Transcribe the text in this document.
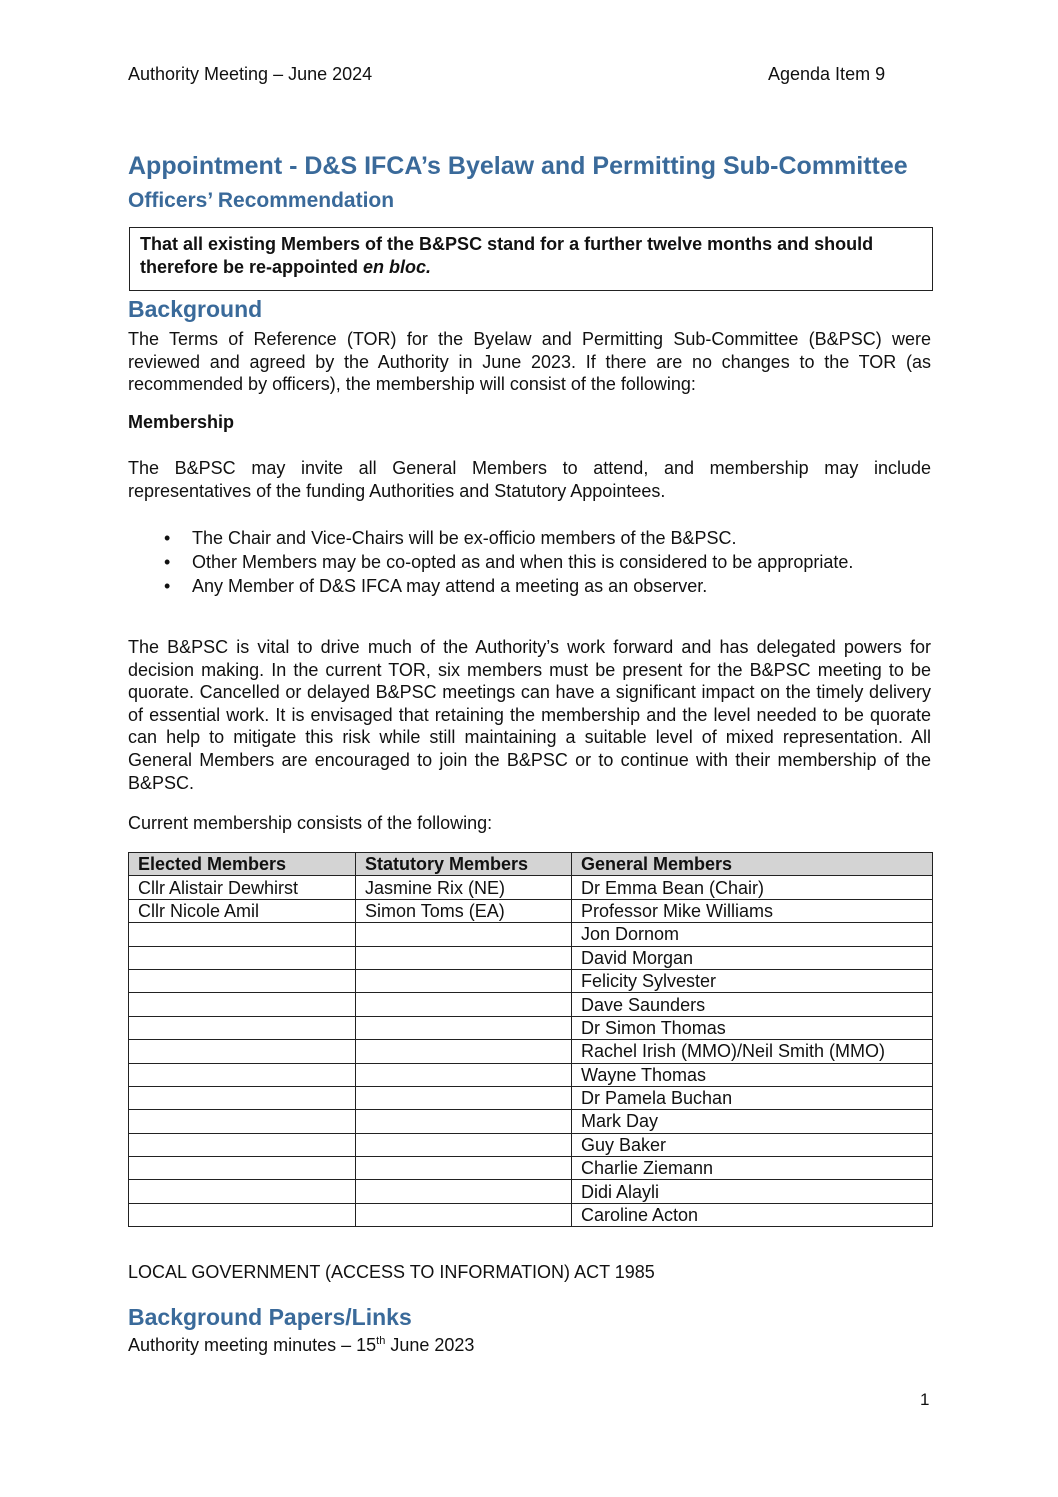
Authority Meeting – June 2024	Agenda Item 9
Appointment - D&S IFCA’s Byelaw and Permitting Sub-Committee
Officers’ Recommendation
That all existing Members of the B&PSC stand for a further twelve months and should therefore be re-appointed en bloc.
Background
The Terms of Reference (TOR) for the Byelaw and Permitting Sub-Committee (B&PSC) were reviewed and agreed by the Authority in June 2023. If there are no changes to the TOR (as recommended by officers), the membership will consist of the following:
Membership
The B&PSC may invite all General Members to attend, and membership may include representatives of the funding Authorities and Statutory Appointees.
• The Chair and Vice-Chairs will be ex-officio members of the B&PSC.
• Other Members may be co-opted as and when this is considered to be appropriate.
• Any Member of D&S IFCA may attend a meeting as an observer.
The B&PSC is vital to drive much of the Authority’s work forward and has delegated powers for decision making. In the current TOR, six members must be present for the B&PSC meeting to be quorate. Cancelled or delayed B&PSC meetings can have a significant impact on the timely delivery of essential work. It is envisaged that retaining the membership and the level needed to be quorate can help to mitigate this risk while still maintaining a suitable level of mixed representation. All General Members are encouraged to join the B&PSC or to continue with their membership of the B&PSC.
Current membership consists of the following:
Elected Members	Statutory Members	General Members
Cllr Alistair Dewhirst	Jasmine Rix (NE)	Dr Emma Bean (Chair)
Cllr Nicole Amil	Simon Toms (EA)	Professor Mike Williams
		Jon Dornom
		David Morgan
		Felicity Sylvester
		Dave Saunders
		Dr Simon Thomas
		Rachel Irish (MMO)/Neil Smith (MMO)
		Wayne Thomas
		Dr Pamela Buchan
		Mark Day
		Guy Baker
		Charlie Ziemann
		Didi Alayli
		Caroline Acton
LOCAL GOVERNMENT (ACCESS TO INFORMATION) ACT 1985
Background Papers/Links
Authority meeting minutes – 15th June 2023
1
